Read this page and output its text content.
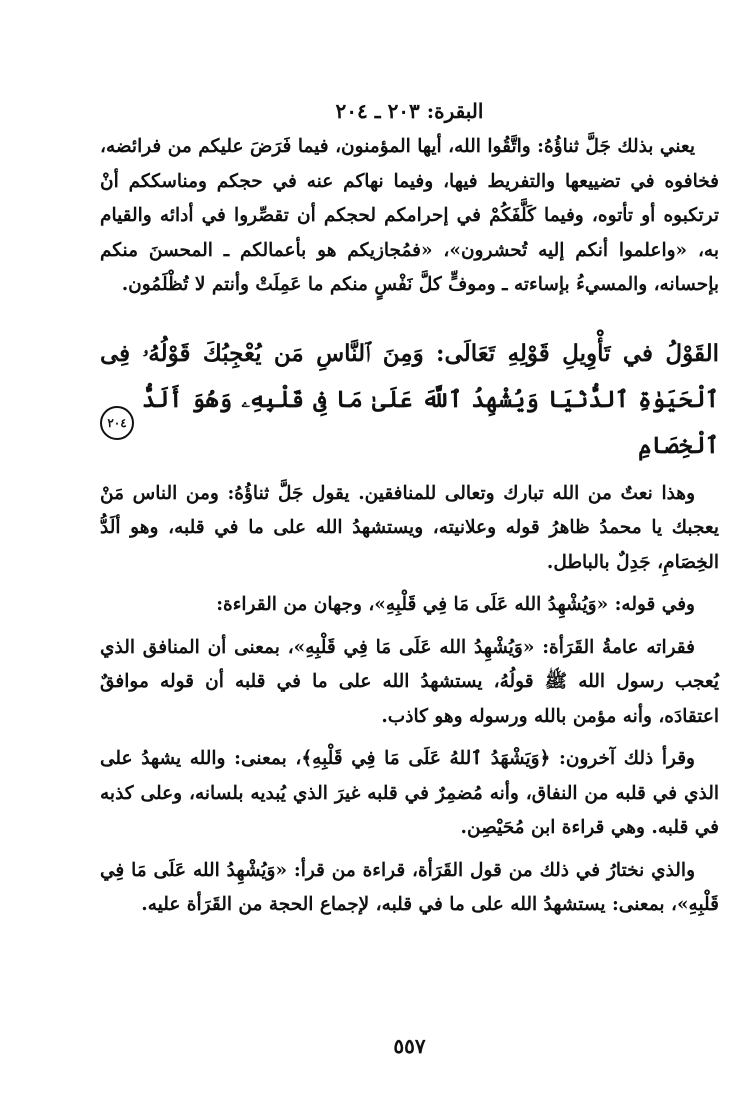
البقرة: ٢٠٣ ـ ٢٠٤

يعني بذلك جَلَّ ثناؤُهُ: واتَّقُوا الله، أيها المؤمنون، فيما فَرَضَ عليكم من فرائضه، فخافوه في تضييعها والتفريط فيها، وفيما نهاكم عنه في حجكم ومناسككم أنْ ترتكبوه أو تأتوه، وفيما كَلَّفَكُمْ في إحرامكم لحجكم أن تقصِّروا في أدائه والقيام به، «واعلموا أنكم إليه تُحشرون»، «فمُجازيكم هو بأعمالكم ـ المحسنَ منكم بإحسانه، والمسيءُ بإساءته ـ وموفٍّ كلَّ نَفْسٍ منكم ما عَمِلَتْ وأنتم لا تُظْلَمُون.

القَوْلُ في تَأْوِيلِ قَوْلِهِ تَعَالَى: وَمِنَ ٱلنَّاسِ مَن يُعْجِبُكَ قَوْلُهُۥ فِى
ٱلْحَيَوٰةِ ٱلدُّنْيَا وَيُشْهِدُ ٱللَّهَ عَلَىٰ مَا فِى قَلْبِهِۦ وَهُوَ أَلَدُّ ٱلْخِصَامِ
٢٠٤

وهذا نعتٌ من الله تبارك وتعالى للمنافقين. يقول جَلَّ ثناؤُهُ: ومن الناس مَنْ يعجبك يا محمدُ ظاهرُ قوله وعلانيته، ويستشهدُ الله على ما في قلبه، وهو ألَدُّ الخِصَامِ، جَدِلٌ بالباطل.

وفي قوله: «وَيُشْهِدُ الله عَلَى مَا فِي قَلْبِهِ»، وجهان من القراءة:

فقراته عامةُ القَرَأة: «وَيُشْهِدُ الله عَلَى مَا فِي قَلْبِهِ»، بمعنى أن المنافق الذي يُعجب رسول الله ﷺ قولُهُ، يستشهدُ الله على ما في قلبه أن قوله موافقٌ اعتقادَه، وأنه مؤمن بالله ورسوله وهو كاذب.

وقرأ ذلك آخرون: ﴿وَيَشْهَدُ ٱللهُ عَلَى مَا فِي قَلْبِهِ﴾، بمعنى: والله يشهدُ على الذي في قلبه من النفاق، وأنه مُضمِرٌ في قلبه غيرَ الذي يُبديه بلسانه، وعلى كذبه في قلبه. وهي قراءة ابن مُحَيْصِن.

والذي نختارُ في ذلك من قول القَرَأة، قراءة من قرأ: «وَيُشْهِدُ الله عَلَى مَا فِي قَلْبِهِ»، بمعنى: يستشهدُ الله على ما في قلبه، لإجماع الحجة من القَرَأة عليه.

٥٥٧
